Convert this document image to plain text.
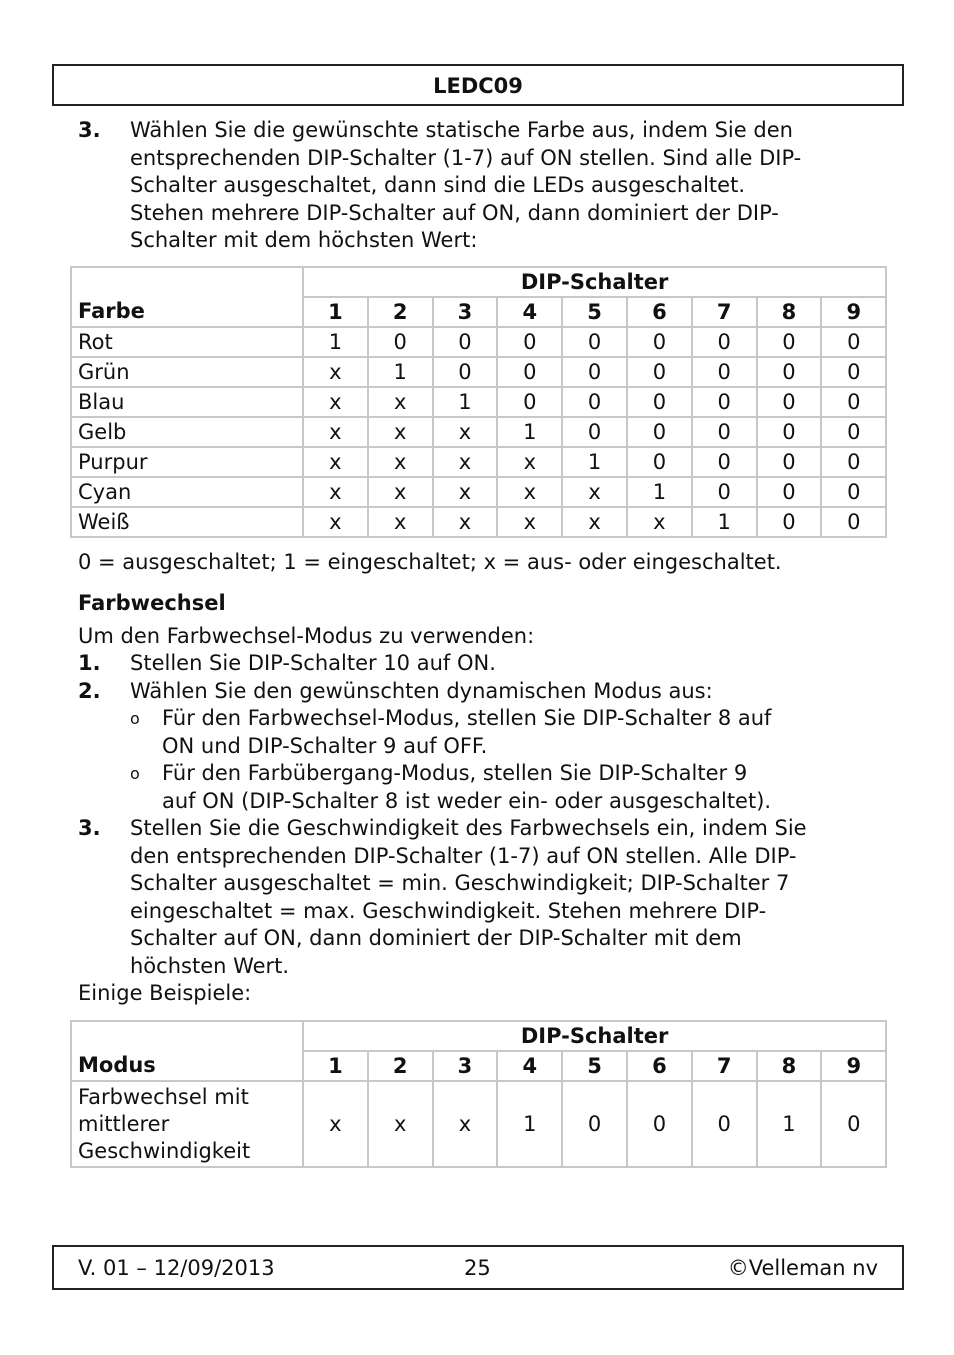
LEDC09
3. Wählen Sie die gewünschte statische Farbe aus, indem Sie den
entsprechenden DIP-Schalter (1-7) auf ON stellen. Sind alle DIP-
Schalter ausgeschaltet, dann sind die LEDs ausgeschaltet.
Stehen mehrere DIP-Schalter auf ON, dann dominiert der DIP-
Schalter mit dem höchsten Wert:
Farbe	DIP-Schalter								
	1	2	3	4	5	6	7	8	9
Rot	1	0	0	0	0	0	0	0	0
Grün	x	1	0	0	0	0	0	0	0
Blau	x	x	1	0	0	0	0	0	0
Gelb	x	x	x	1	0	0	0	0	0
Purpur	x	x	x	x	1	0	0	0	0
Cyan	x	x	x	x	x	1	0	0	0
Weiß	x	x	x	x	x	x	1	0	0
0 = ausgeschaltet; 1 = eingeschaltet; x = aus- oder eingeschaltet.
Farbwechsel
Um den Farbwechsel-Modus zu verwenden:
1. Stellen Sie DIP-Schalter 10 auf ON.
2. Wählen Sie den gewünschten dynamischen Modus aus:
o Für den Farbwechsel-Modus, stellen Sie DIP-Schalter 8 auf
ON und DIP-Schalter 9 auf OFF.
o Für den Farbübergang-Modus, stellen Sie DIP-Schalter 9
auf ON (DIP-Schalter 8 ist weder ein- oder ausgeschaltet).
3. Stellen Sie die Geschwindigkeit des Farbwechsels ein, indem Sie
den entsprechenden DIP-Schalter (1-7) auf ON stellen. Alle DIP-
Schalter ausgeschaltet = min. Geschwindigkeit; DIP-Schalter 7
eingeschaltet = max. Geschwindigkeit. Stehen mehrere DIP-
Schalter auf ON, dann dominiert der DIP-Schalter mit dem
höchsten Wert.
Einige Beispiele:
Modus	DIP-Schalter								
	1	2	3	4	5	6	7	8	9

Farbwechsel mit
mittlerer
Geschwindigkeit	x	x	x	1	0	0	0	1	0
V. 01 – 12/09/2013	25	©Velleman nv
